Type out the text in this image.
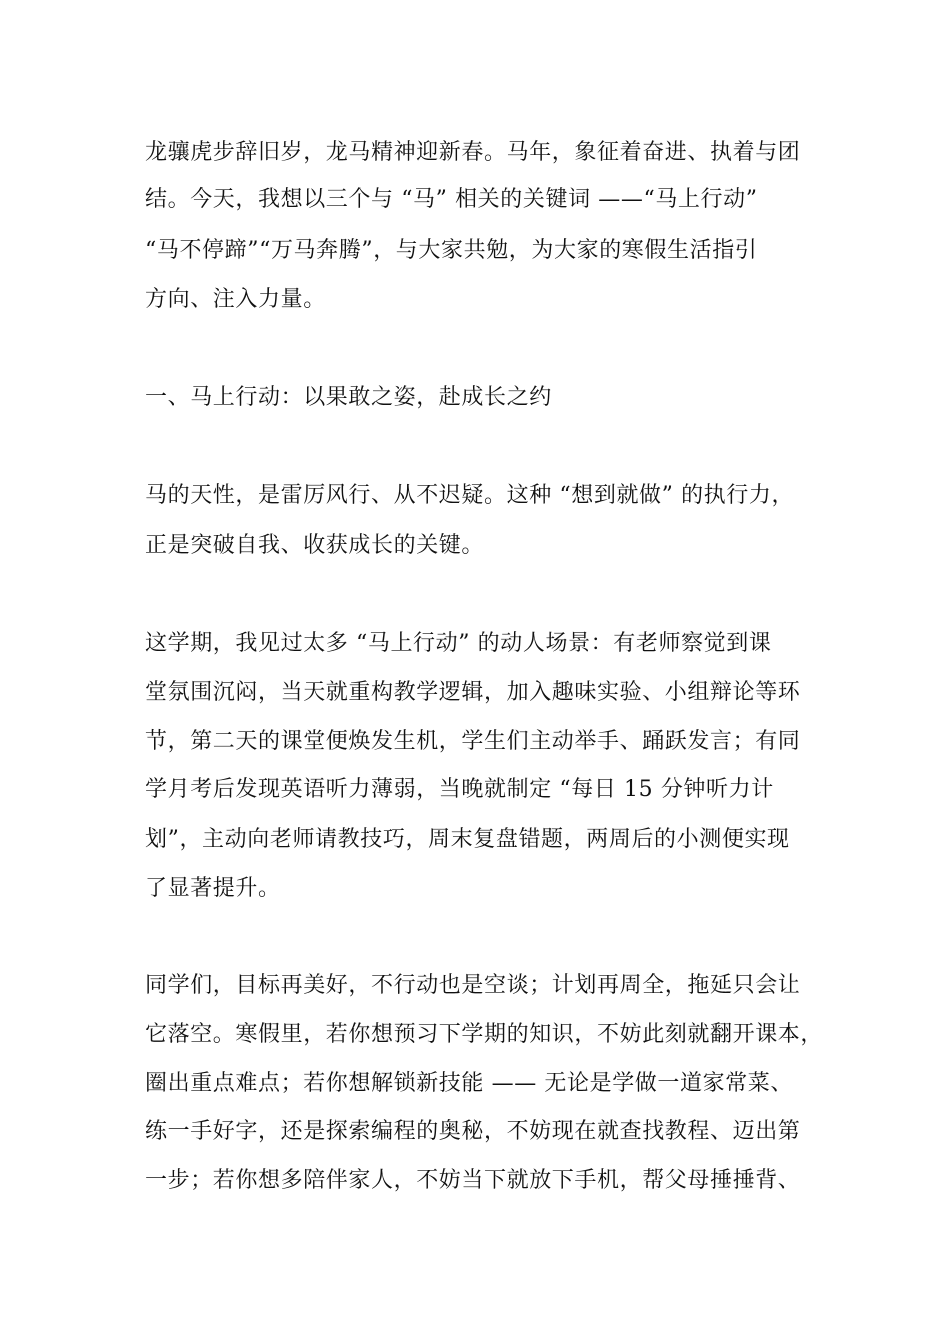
龙骧虎步辞旧岁，龙马精神迎新春。马年，象征着奋进、执着与团

结。今天，我想以三个与 “马” 相关的关键词 ——“马上行动”

“马不停蹄”“万马奔腾”，与大家共勉，为大家的寒假生活指引

方向、注入力量。

一、马上行动：以果敢之姿，赴成长之约

马的天性，是雷厉风行、从不迟疑。这种 “想到就做” 的执行力，

正是突破自我、收获成长的关键。

这学期，我见过太多 “马上行动” 的动人场景：有老师察觉到课

堂氛围沉闷，当天就重构教学逻辑，加入趣味实验、小组辩论等环

节，第二天的课堂便焕发生机，学生们主动举手、踊跃发言；有同

学月考后发现英语听力薄弱，当晚就制定 “每日 15 分钟听力计

划”，主动向老师请教技巧，周末复盘错题，两周后的小测便实现

了显著提升。

同学们，目标再美好，不行动也是空谈；计划再周全，拖延只会让

它落空。寒假里，若你想预习下学期的知识，不妨此刻就翻开课本，

圈出重点难点；若你想解锁新技能 —— 无论是学做一道家常菜、

练一手好字，还是探索编程的奥秘，不妨现在就查找教程、迈出第

一步；若你想多陪伴家人，不妨当下就放下手机，帮父母捶捶背、
